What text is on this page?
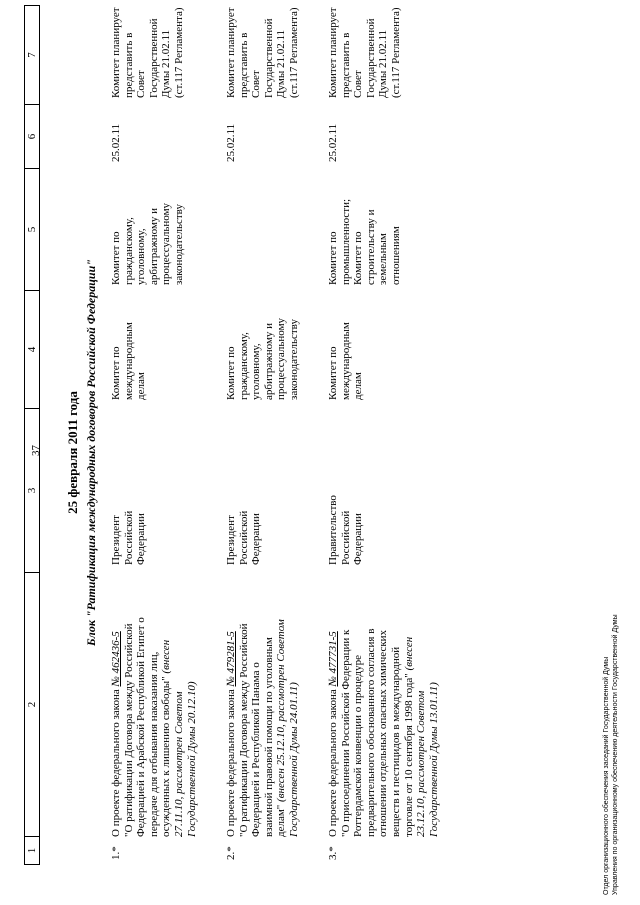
37
1
2
3
4
5
6
7
25 февраля 2011 года Блок "Ратификация международных договоров Российской Федерации"
1.*
О проекте федерального закона № 462436-5 "О ратификации Договора между Российской Федерацией и Арабской Республикой Египет о передаче для отбывания наказания лиц, осужденных к лишению свободы" (внесен 27.11.10, рассмотрен Советом Государственной Думы 20.12.10)
Президент Российской Федерации
Комитет по международным делам
Комитет по гражданскому, уголовному, арбитражному и процессуальному законодательству
25.02.11
Комитет планирует представить в Совет Государственной Думы 21.02.11 (ст.117 Регламента)
2.*
О проекте федерального закона № 479281-5 "О ратификации Договора между Российской Федерацией и Республикой Панама о взаимной правовой помощи по уголовным делам" (внесен 25.12.10, рассмотрен Советом Государственной Думы 24.01.11)
Президент Российской Федерации
Комитет по гражданскому, уголовному, арбитражному и процессуальному законодательству
25.02.11
Комитет планирует представить в Совет Государственной Думы 21.02.11 (ст.117 Регламента)
3.*
О проекте федерального закона № 477731-5 "О присоединении Российской Федерации к Роттердамской конвенции о процедуре предварительного обоснованного согласия в отношении отдельных опасных химических веществ и пестицидов в международной торговле от 10 сентября 1998 года" (внесен 23.12.10, рассмотрен Советом Государственной Думы 13.01.11)
Правительство Российской Федерации
Комитет по международным делам
Комитет по промышленности; Комитет по строительству и земельным отношениям
25.02.11
Комитет планирует представить в Совет Государственной Думы 21.02.11 (ст.117 Регламента)
Отдел организационного обеспечения заседаний Государственной Думы Управления по организационному обеспечению деятельности Государственной Думы
